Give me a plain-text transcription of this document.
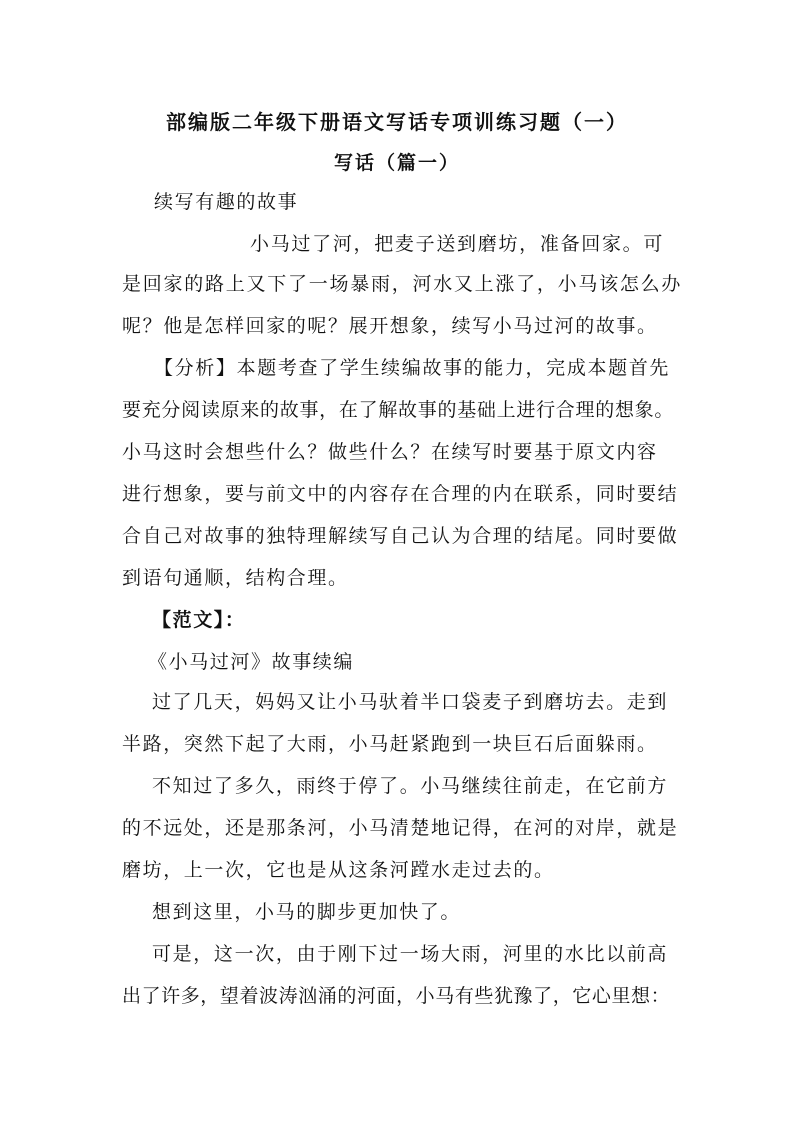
部编版二年级下册语文写话专项训练习题（一）
写话（篇一）
续写有趣的故事
小马过了河，把麦子送到磨坊，准备回家。可
是回家的路上又下了一场暴雨，河水又上涨了，小马该怎么办
呢？他是怎样回家的呢？展开想象，续写小马过河的故事。
【分析】本题考查了学生续编故事的能力，完成本题首先
要充分阅读原来的故事，在了解故事的基础上进行合理的想象。
小马这时会想些什么？做些什么？在续写时要基于原文内容
进行想象，要与前文中的内容存在合理的内在联系，同时要结
合自己对故事的独特理解续写自己认为合理的结尾。同时要做
到语句通顺，结构合理。
【范文】：
《小马过河》故事续编
过了几天，妈妈又让小马驮着半口袋麦子到磨坊去。走到
半路，突然下起了大雨，小马赶紧跑到一块巨石后面躲雨。
不知过了多久，雨终于停了。小马继续往前走，在它前方
的不远处，还是那条河，小马清楚地记得，在河的对岸，就是
磨坊，上一次，它也是从这条河蹚水走过去的。
想到这里，小马的脚步更加快了。
可是，这一次，由于刚下过一场大雨，河里的水比以前高
出了许多，望着波涛汹涌的河面，小马有些犹豫了，它心里想：
